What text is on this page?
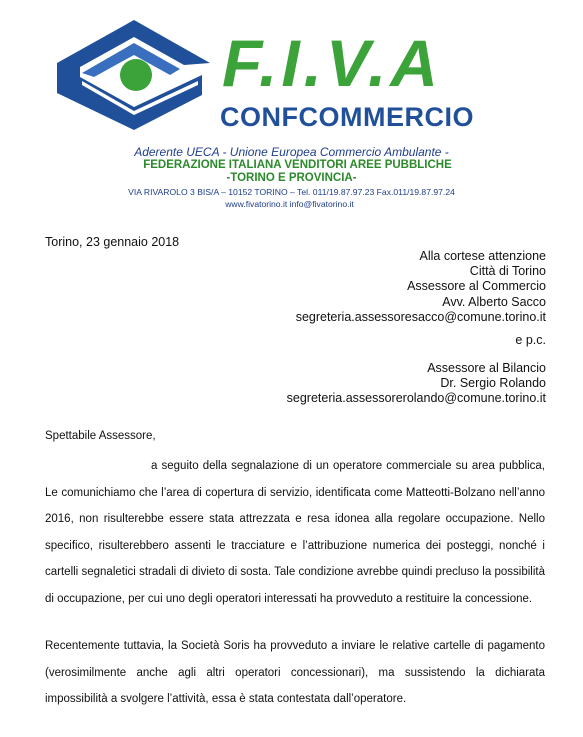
F.I.V.A
CONFCOMMERCIO

Aderente UECA - Unione Europea Commercio Ambulante -

FEDERAZIONE ITALIANA VENDITORI AREE PUBBLICHE

-TORINO E PROVINCIA-

VIA RIVAROLO 3 BIS/A – 10152 TORINO – Tel. 011/19.87.97.23 Fax.011/19.87.97.24

www.fivatorino.it info@fivatorino.it

Torino, 23 gennaio 2018

Alla cortese attenzione
Città di Torino
Assessore al Commercio
Avv. Alberto Sacco
segreteria.assessoresacco@comune.torino.it
e p.c.
Assessore al Bilancio
Dr. Sergio Rolando
segreteria.assessorerolando@comune.torino.it

Spettabile Assessore,

a seguito della segnalazione di un operatore commerciale su area pubblica, Le comunichiamo che l’area di copertura di servizio, identificata come Matteotti-Bolzano nell’anno 2016, non risulterebbe essere stata attrezzata e resa idonea alla regolare occupazione. Nello specifico, risulterebbero assenti le tracciature e l’attribuzione numerica dei posteggi, nonché i cartelli segnaletici stradali di divieto di sosta. Tale condizione avrebbe quindi precluso la possibilità di occupazione, per cui uno degli operatori interessati ha provveduto a restituire la concessione.

Recentemente tuttavia, la Società Soris ha provveduto a inviare le relative cartelle di pagamento (verosimilmente anche agli altri operatori concessionari), ma sussistendo la dichiarata impossibilità a svolgere l’attività, essa è stata contestata dall’operatore.
